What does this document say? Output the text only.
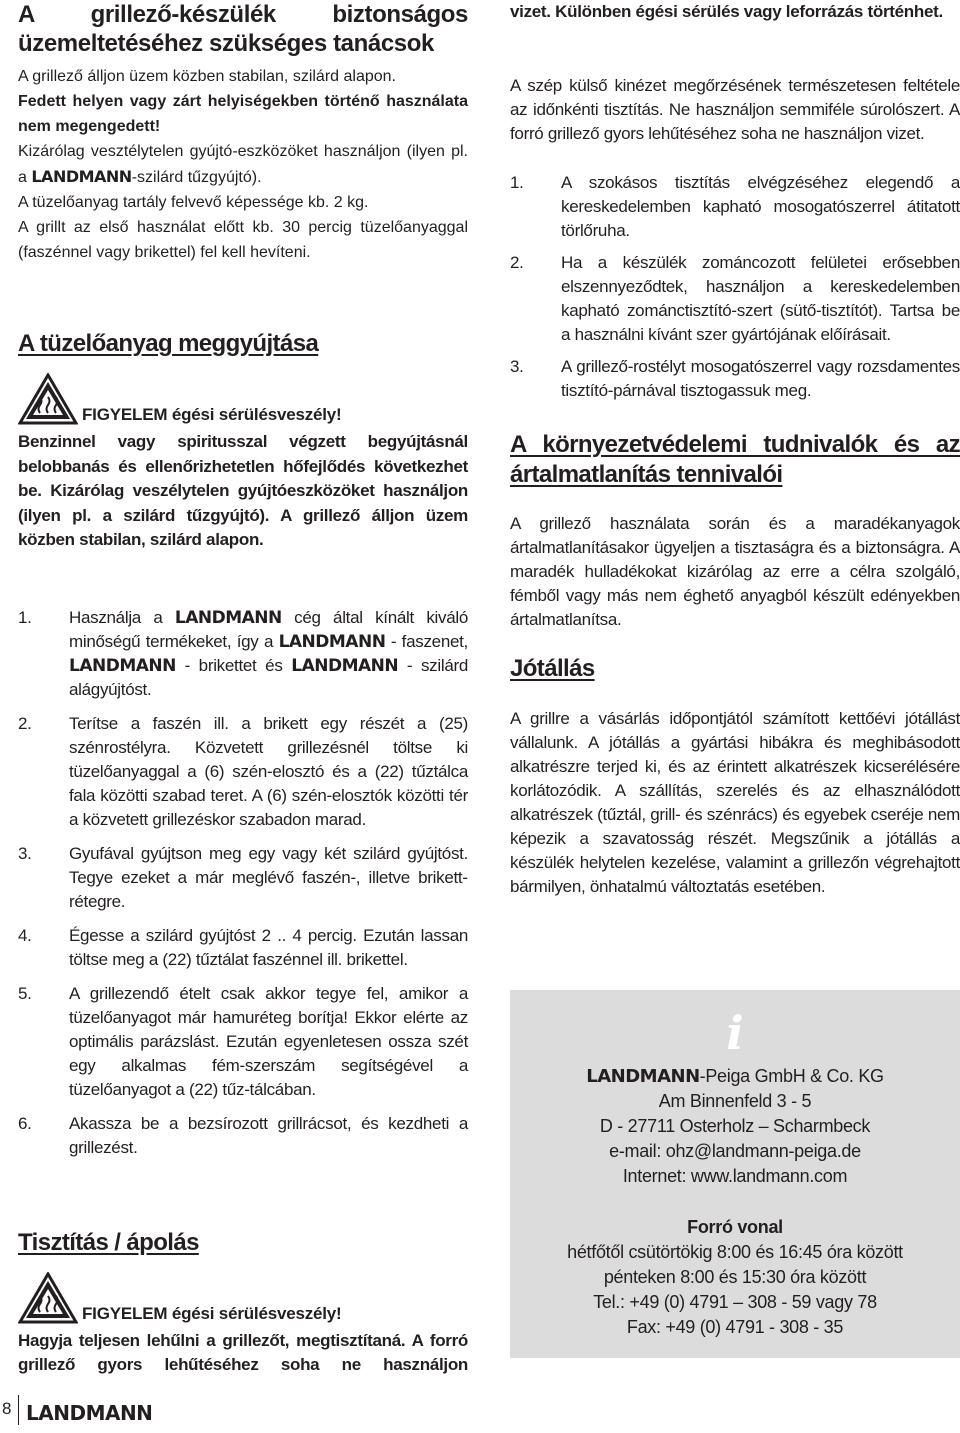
A grillező-készülék biztonságos üzemeltetéséhez szükséges tanácsok

A grillező álljon üzem közben stabilan, szilárd alapon.

Fedett helyen vagy zárt helyiségekben történő használata nem megengedett!

Kizárólag vesztélytelen gyújtó-eszközöket használjon (ilyen pl. a LANDMANN-szilárd tűzgyújtó).

A tüzelőanyag tartály felvevő képessége kb. 2 kg.

A grillt az első használat előtt kb. 30 percig tüzelőanyaggal (faszénnel vagy brikettel) fel kell hevíteni.

A tüzelőanyag meggyújtása
FIGYELEM égési sérülésveszély!

Benzinnel vagy spiritusszal végzett begyújtásnál belobbanás és ellenőrizhetetlen hőfejlődés következhet be. Kizárólag veszélytelen gyújtóeszközöket használjon (ilyen pl. a szilárd tűzgyújtó). A grillező álljon üzem közben stabilan, szilárd alapon.

1. Használja a LANDMANN cég által kínált kiváló minőségű termékeket, így a LANDMANN - faszenet, LANDMANN - brikettet és LANDMANN - szilárd alágyújtóst.
2. Terítse a faszén ill. a brikett egy részét a (25) szénrostélyra. Közvetett grillezésnél töltse ki tüzelőanyaggal a (6) szén-elosztó és a (22) tűztálca fala közötti szabad teret. A (6) szén-elosztók közötti tér a közvetett grillezéskor szabadon marad.
3. Gyufával gyújtson meg egy vagy két szilárd gyújtóst. Tegye ezeket a már meglévő faszén-, illetve brikettrétegre.
4. Égesse a szilárd gyújtóst 2 .. 4 percig. Ezután lassan töltse meg a (22) tűztálat faszénnel ill. brikettel.
5. A grillezendő ételt csak akkor tegye fel, amikor a tüzelőanyagot már hamuréteg borítja! Ekkor elérte az optimális parázslást. Ezután egyenletesen ossza szét egy alkalmas fém-szerszám segítségével a tüzelőanyagot a (22) tűz-tálcában.
6. Akassza be a bezsírozott grillrácsot, és kezdheti a grillezést.
Tisztítás / ápolás
FIGYELEM égési sérülésveszély!

Hagyja teljesen lehűlni a grillezőt, megtisztítaná. A forró grillező gyors lehűtéséhez soha ne használjon

vizet. Különben égési sérülés vagy leforrázás történhet.

A szép külső kinézet megőrzésének természetesen feltétele az időnkénti tisztítás. Ne használjon semmiféle súrolószert. A forró grillező gyors lehűtéséhez soha ne használjon vizet.

1. A szokásos tisztítás elvégzéséhez elegendő a kereskedelemben kapható mosogatószerrel átitatott törlőruha.
2. Ha a készülék zománcozott felületei erősebben elszennyeződtek, használjon a kereskedelemben kapható zománctisztító-szert (sütő-tisztítót). Tartsa be a használni kívánt szer gyártójának előírásait.
3. A grillező-rostélyt mosogatószerrel vagy rozsdamentes tisztító-párnával tisztogassuk meg.

A környezetvédelemi tudnivalók és az

ártalmatlanítás tennivalói

A grillező használata során és a maradékanyagok ártalmatlanításakor ügyeljen a tisztaságra és a biztonságra. A maradék hulladékokat kizárólag az erre a célra szolgáló, fémből vagy más nem éghető anyagból készült edényekben ártalmatlanítsa.

Jótállás

A grillre a vásárlás időpontjától számított kettőévi jótállást vállalunk. A jótállás a gyártási hibákra és meghibásodott alkatrészre terjed ki, és az érintett alkatrészek kicserélésére korlátozódik. A szállítás, szerelés és az elhasználódott alkatrészek (tűztál, grill- és szénrács) és egyebek cseréje nem képezik a szavatosság részét. Megszűnik a jótállás a készülék helytelen kezelése, valamint a grillezőn végrehajtott bármilyen, önhatalmú változtatás esetében.

i

LANDMANN-Peiga GmbH & Co. KG

Am Binnenfeld 3 - 5

D - 27711 Osterholz – Scharmbeck

e-mail: ohz@landmann-peiga.de

Internet: www.landmann.com

Forró vonal

hétfőtől csütörtökig 8:00 és 16:45 óra között

pénteken 8:00 és 15:30 óra között

Tel.: +49 (0) 4791 – 308 - 59 vagy 78

Fax: +49 (0) 4791 - 308 - 35

8 LANDMANN
